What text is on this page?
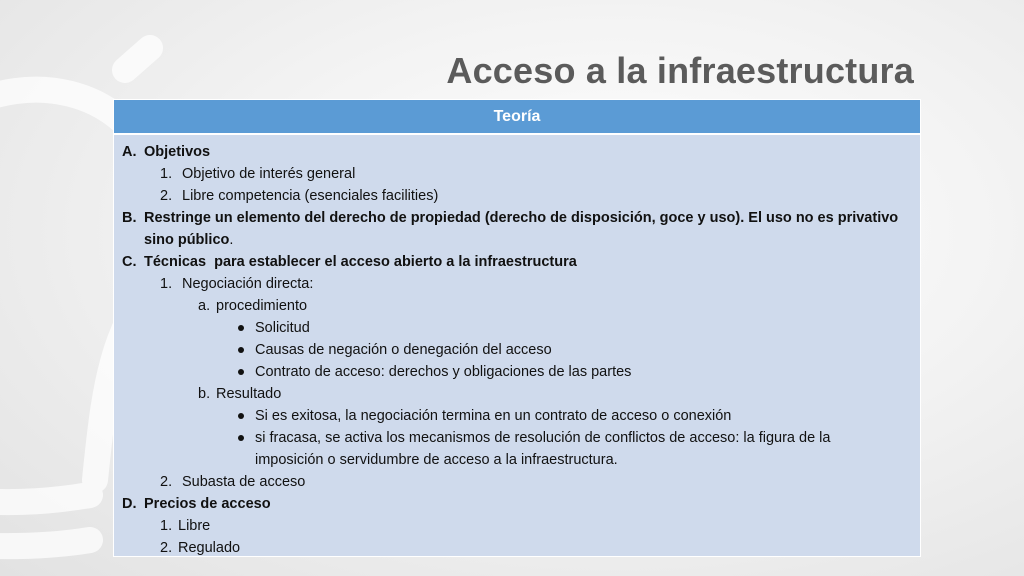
Acceso a la infraestructura
Teoría
A. Objetivos
1. Objetivo de interés general
2. Libre competencia (esenciales facilities)
B. Restringe un elemento del derecho de propiedad (derecho de disposición, goce y uso). El uso no es privativo sino público.
C. Técnicas  para establecer el acceso abierto a la infraestructura
1. Negociación directa:
a. procedimiento
Solicitud
Causas de negación o denegación del acceso
Contrato de acceso: derechos y obligaciones de las partes
b. Resultado
Si es exitosa, la negociación termina en un contrato de acceso o conexión
si fracasa, se activa los mecanismos de resolución de conflictos de acceso: la figura de la imposición o servidumbre de acceso a la infraestructura.
2. Subasta de acceso
D. Precios de acceso
1. Libre
2. Regulado
